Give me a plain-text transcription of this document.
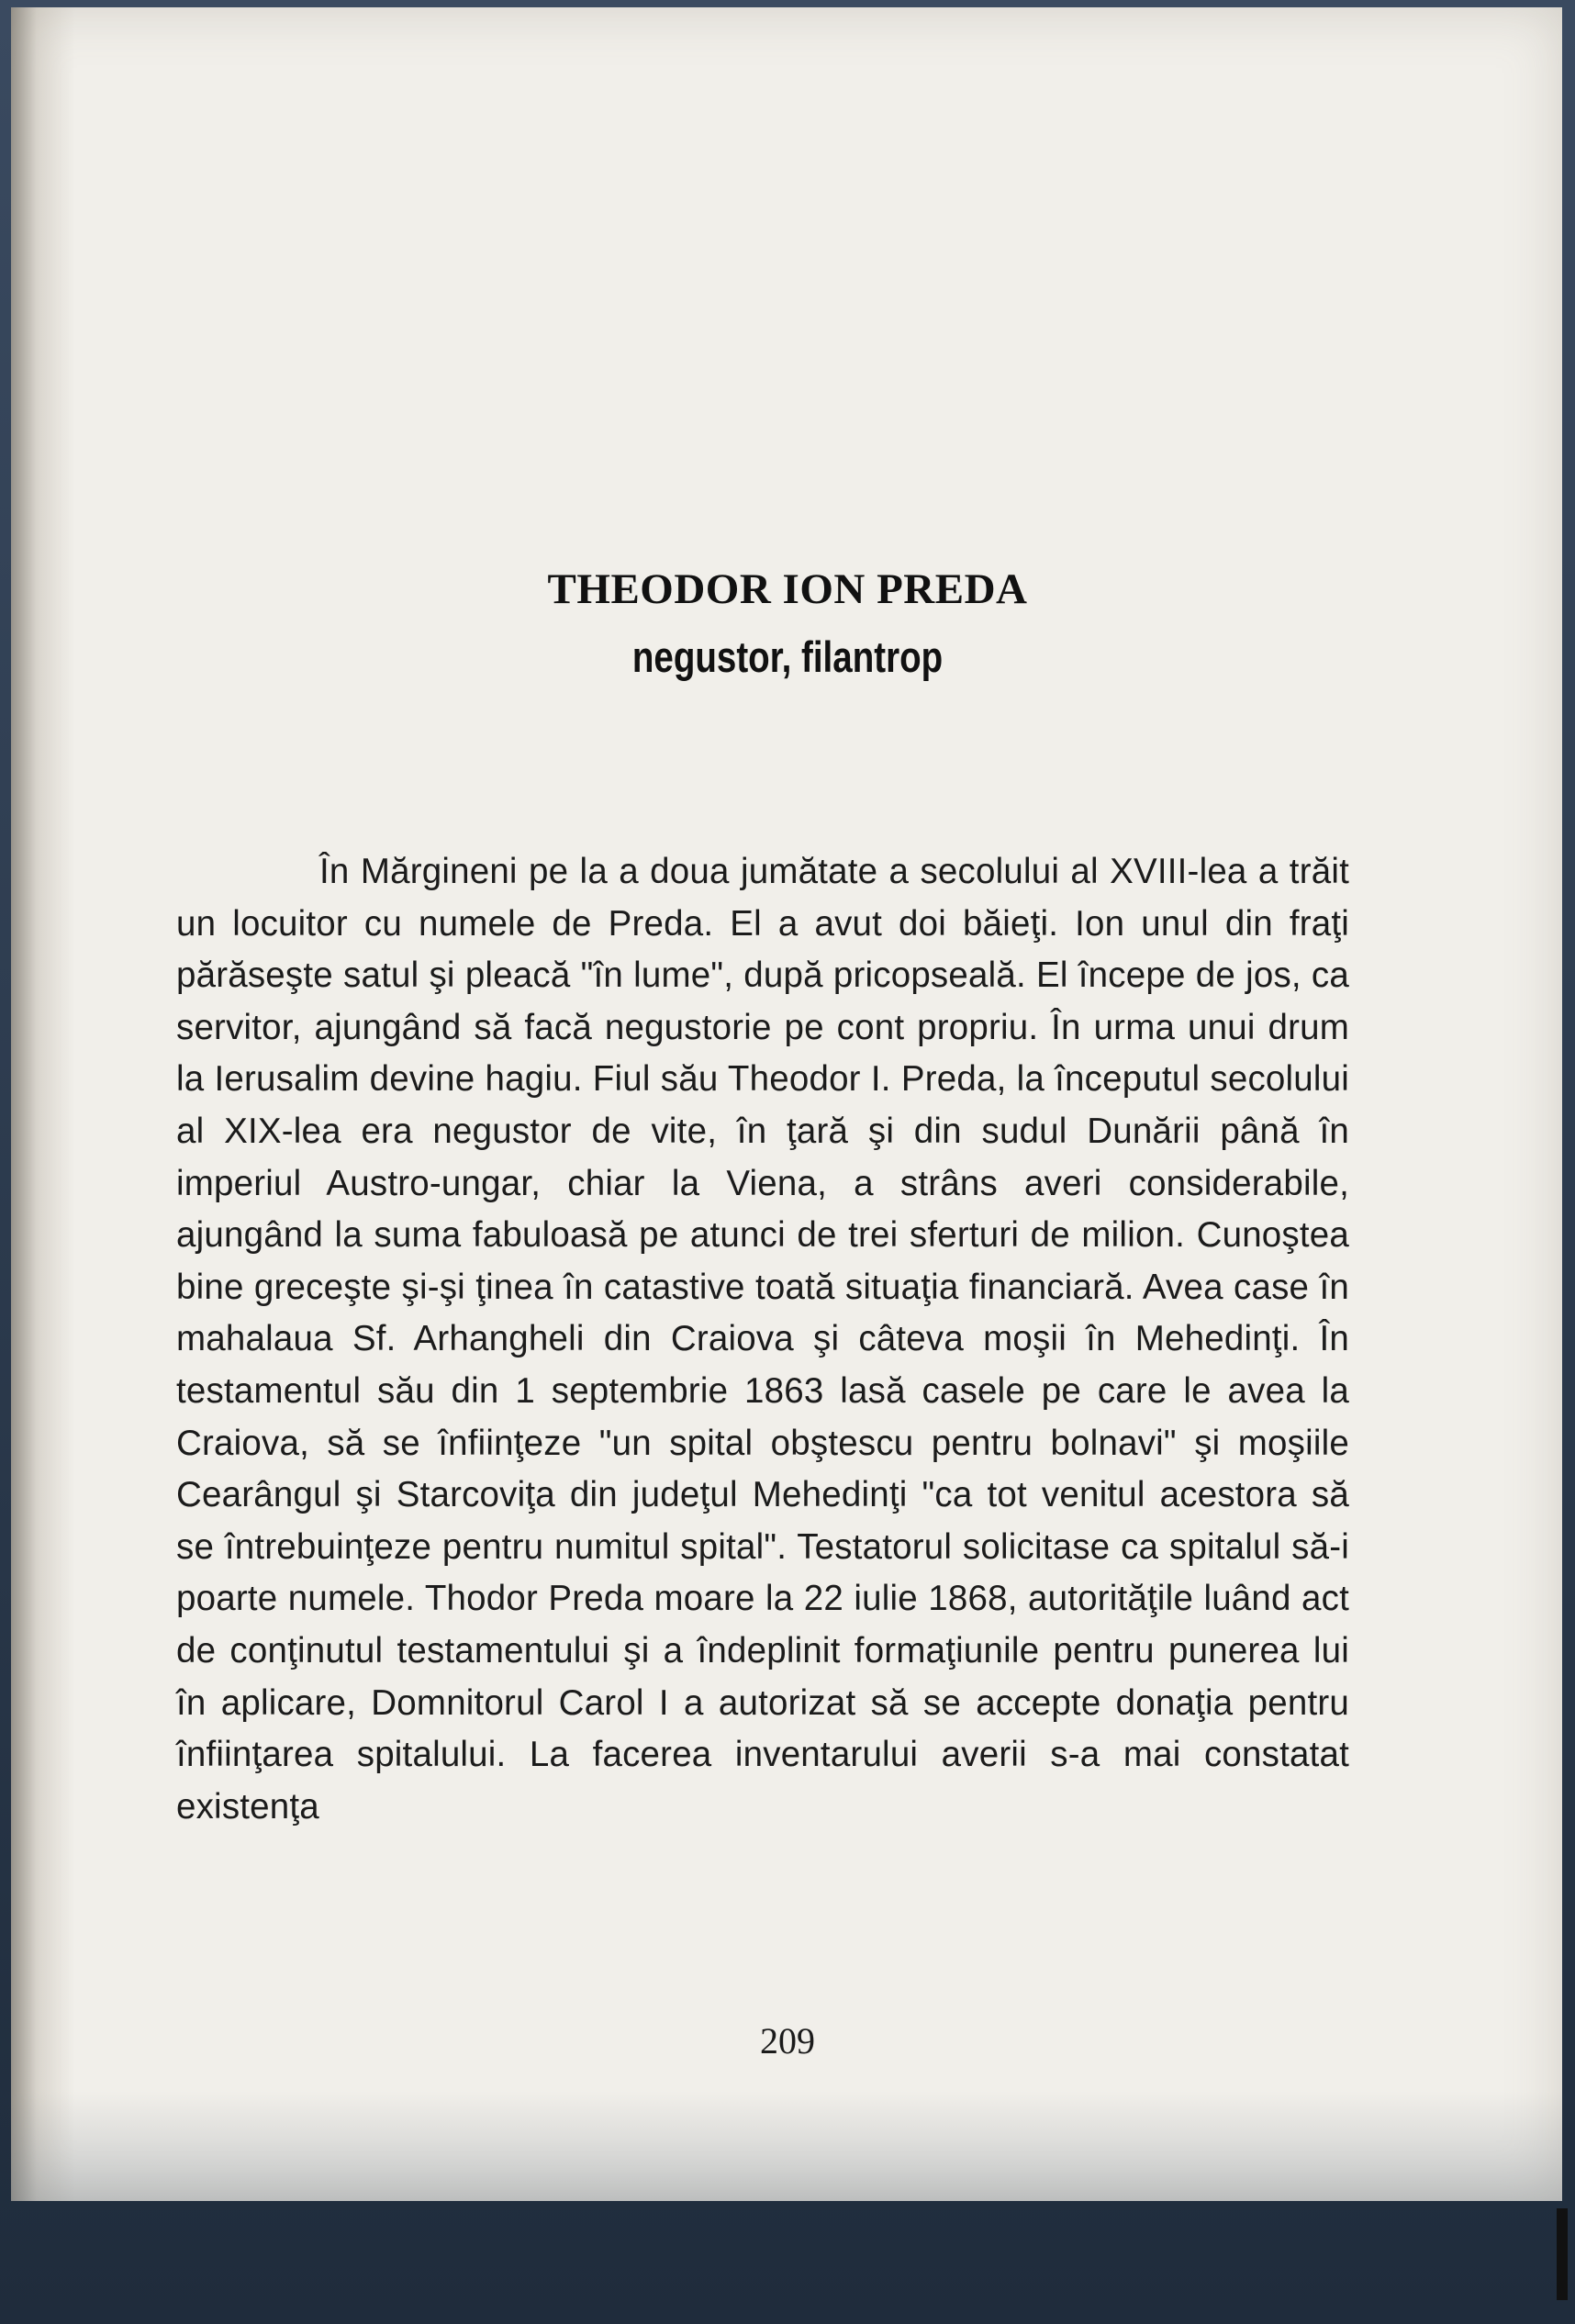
THEODOR ION PREDA
negustor, filantrop

În Mărgineni pe la a doua jumătate a secolului al XVIII-lea a trăit un locuitor cu numele de Preda. El a avut doi băieţi. Ion unul din fraţi părăseşte satul şi pleacă "în lume", după pricopseală. El începe de jos, ca servitor, ajungând să facă negustorie pe cont propriu. În urma unui drum la Ierusalim devine hagiu. Fiul său Theodor I. Preda, la începutul secolului al XIX-lea era negustor de vite, în ţară şi din sudul Dunării până în imperiul Austro-ungar, chiar la Viena, a strâns averi considerabile, ajungând la suma fabuloasă pe atunci de trei sferturi de milion. Cunoştea bine greceşte şi-şi ţinea în catastive toată situaţia financiară. Avea case în mahalaua Sf. Arhangheli din Craiova şi câteva moşii în Mehedinţi. În testamentul său din 1 septembrie 1863 lasă casele pe care le avea la Craiova, să se înfiinţeze "un spital obştescu pentru bolnavi" şi moşiile Cearângul şi Starcoviţa din judeţul Mehedinţi "ca tot venitul acestora să se întrebuinţeze pentru numitul spital". Testatorul solicitase ca spitalul să-i poarte numele. Thodor Preda moare la 22 iulie 1868, autorităţile luând act de conţinutul testamentului şi a îndeplinit formaţiunile pentru punerea lui în aplicare, Domnitorul Carol I a autorizat să se accepte donaţia pentru înfiinţarea spitalului. La facerea inventarului averii s-a mai constatat existenţa

209
